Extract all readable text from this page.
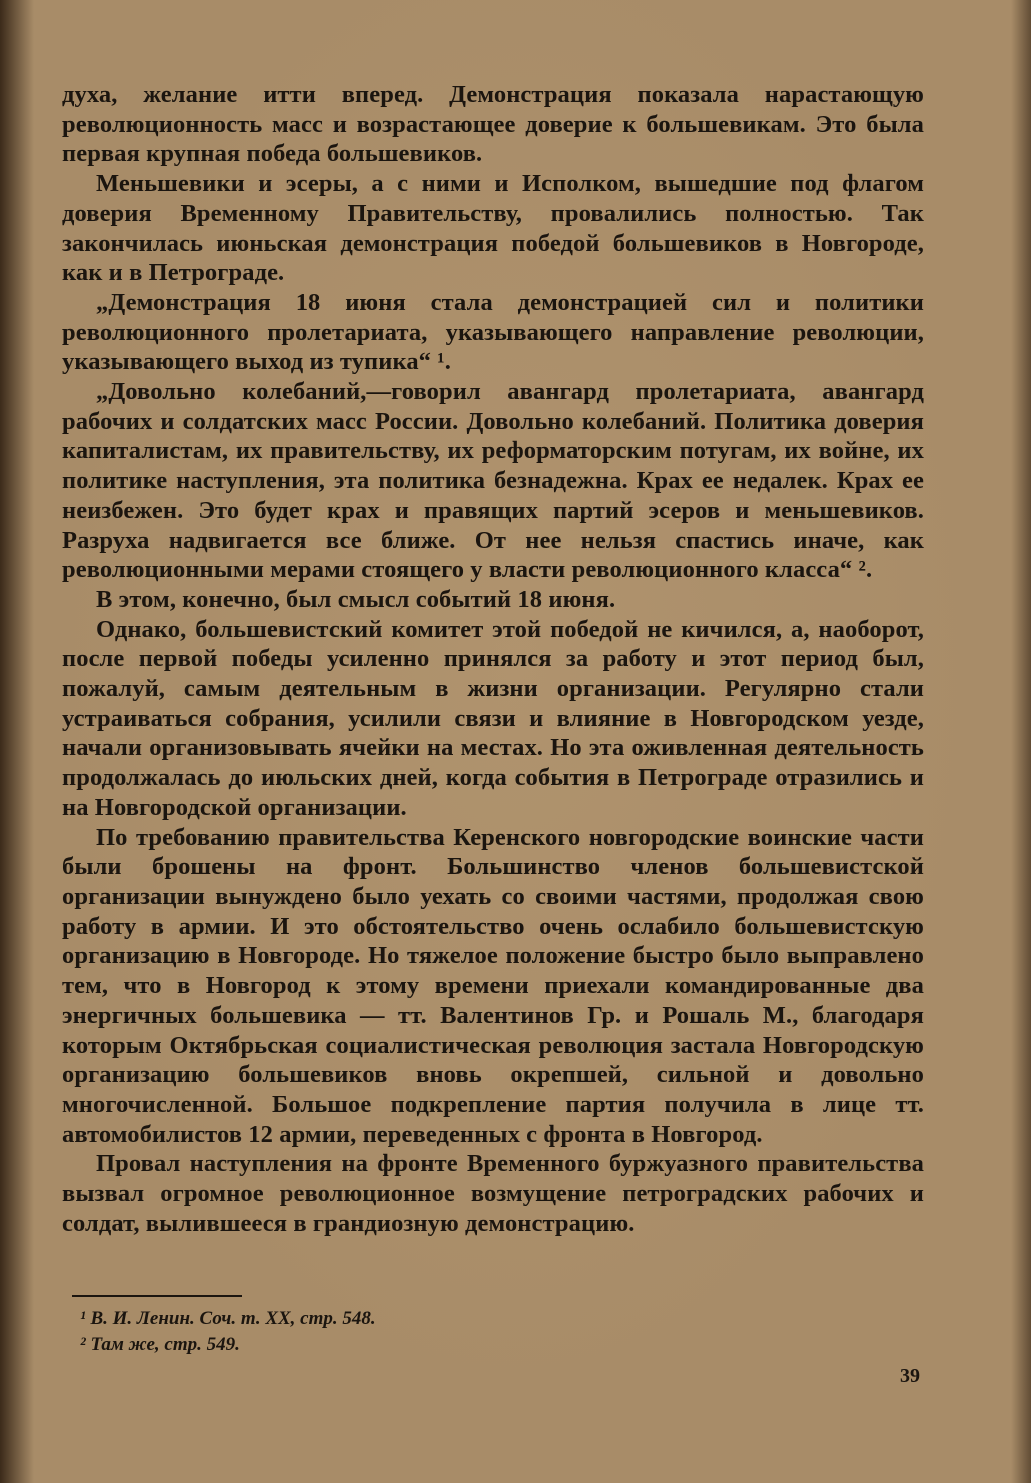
духа, желание итти вперед. Демонстрация показала нарастающую революционность масс и возрастающее доверие к большевикам. Это была первая крупная победа большевиков.

Меньшевики и эсеры, а с ними и Исполком, вышедшие под флагом доверия Временному Правительству, провалились полностью. Так закончилась июньская демонстрация победой большевиков в Новгороде, как и в Петрограде.

„Демонстрация 18 июня стала демонстрацией сил и политики революционного пролетариата, указывающего направление революции, указывающего выход из тупика“ ¹.

„Довольно колебаний,—говорил авангард пролетариата, авангард рабочих и солдатских масс России. Довольно колебаний. Политика доверия капиталистам, их правительству, их реформаторским потугам, их войне, их политике наступления, эта политика безнадежна. Крах ее недалек. Крах ее неизбежен. Это будет крах и правящих партий эсеров и меньшевиков. Разруха надвигается все ближе. От нее нельзя спастись иначе, как революционными мерами стоящего у власти революционного класса“ ².

В этом, конечно, был смысл событий 18 июня.

Однако, большевистский комитет этой победой не кичился, а, наоборот, после первой победы усиленно принялся за работу и этот период был, пожалуй, самым деятельным в жизни организации. Регулярно стали устраиваться собрания, усилили связи и влияние в Новгородском уезде, начали организовывать ячейки на местах. Но эта оживленная деятельность продолжалась до июльских дней, когда события в Петрограде отразились и на Новгородской организации.

По требованию правительства Керенского новгородские воинские части были брошены на фронт. Большинство членов большевистской организации вынуждено было уехать со своими частями, продолжая свою работу в армии. И это обстоятельство очень ослабило большевистскую организацию в Новгороде. Но тяжелое положение быстро было выправлено тем, что в Новгород к этому времени приехали командированные два энергичных большевика — тт. Валентинов Гр. и Рошаль М., благодаря которым Октябрьская социалистическая революция застала Новгородскую организацию большевиков вновь окрепшей, сильной и довольно многочисленной. Большое подкрепление партия получила в лице тт. автомобилистов 12 армии, переведенных с фронта в Новгород.

Провал наступления на фронте Временного буржуазного правительства вызвал огромное революционное возмущение петроградских рабочих и солдат, вылившееся в грандиозную демонстрацию.

¹ В. И. Ленин. Соч. т. XX, стр. 548.
² Там же, стр. 549.
39
